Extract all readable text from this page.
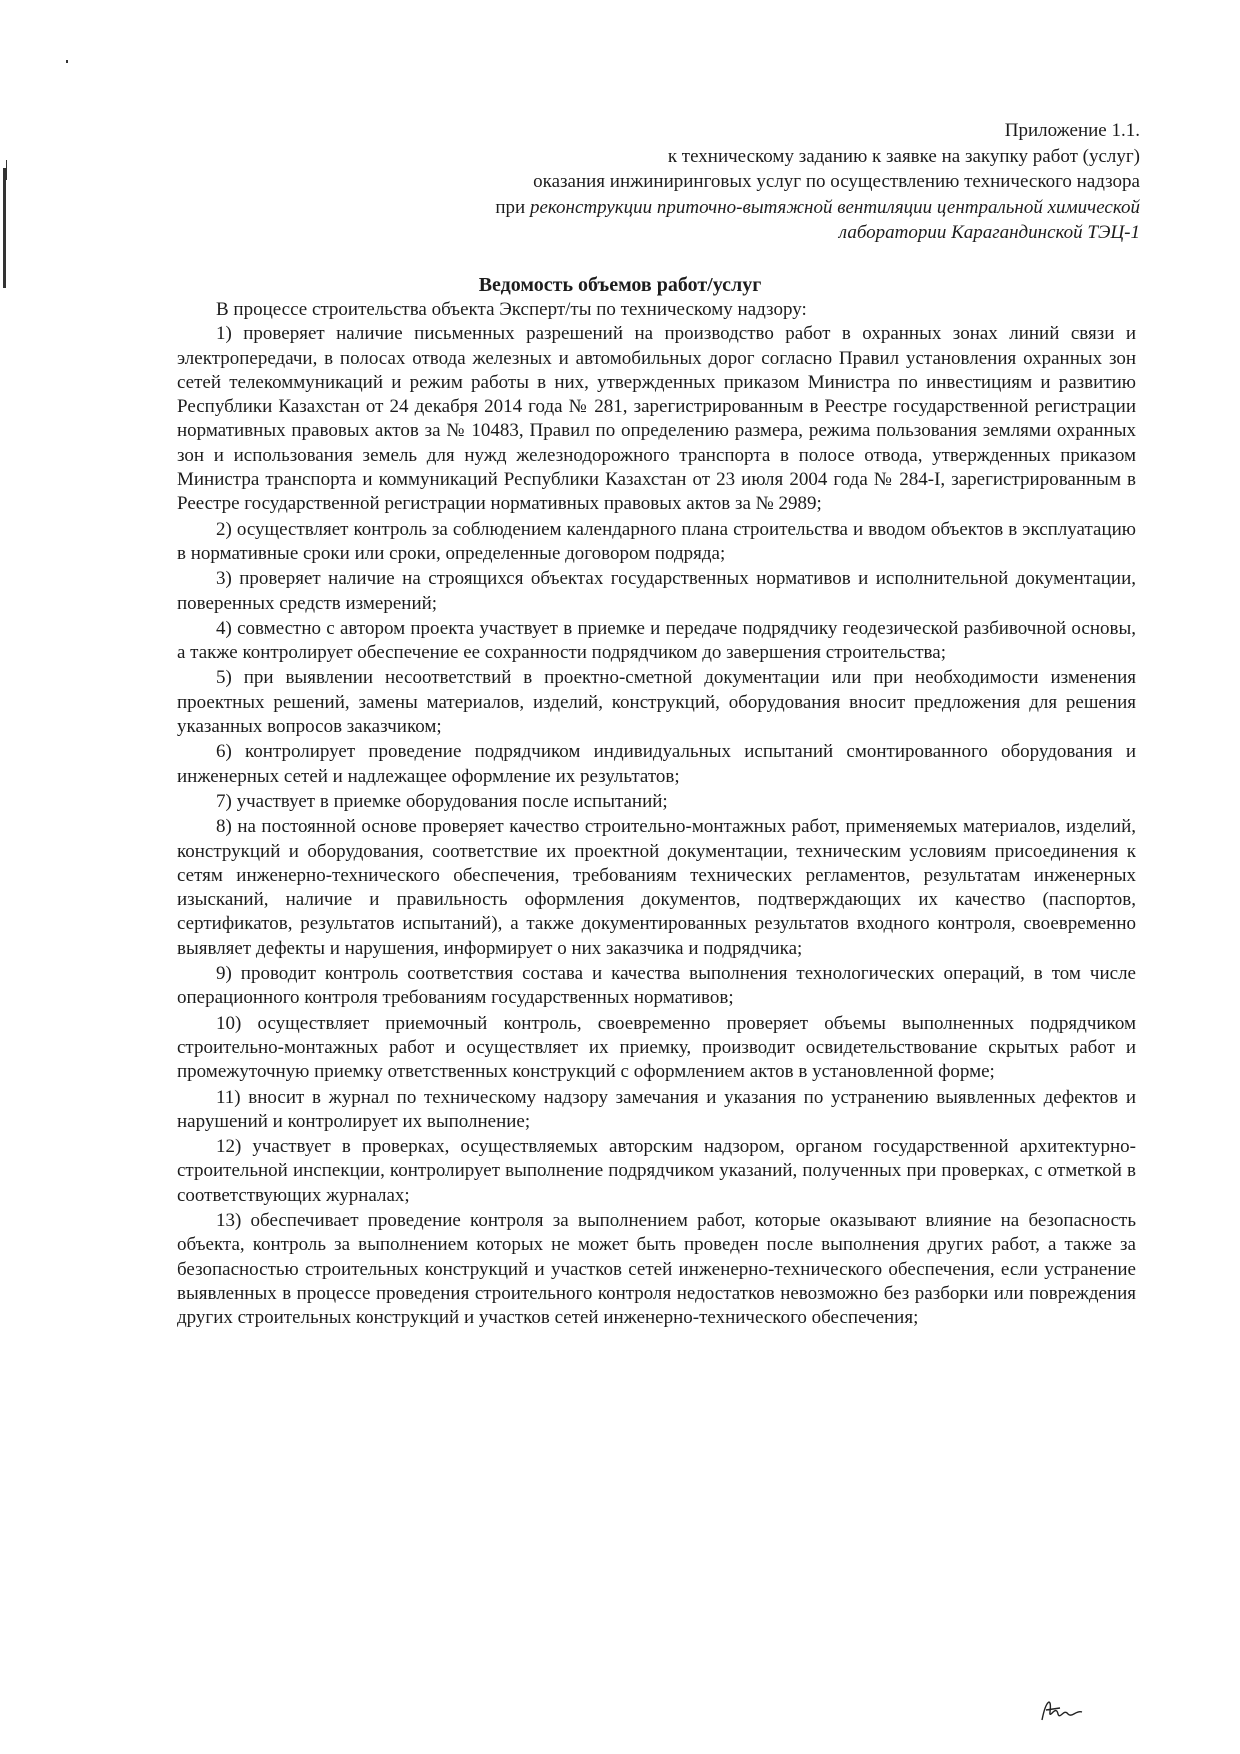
Приложение 1.1.
к техническому заданию к заявке на закупку работ (услуг)
оказания инжиниринговых услуг по осуществлению технического надзора
при реконструкции приточно-вытяжной вентиляции центральной химической
лаборатории Карагандинской ТЭЦ-1
Ведомость объемов работ/услуг

В процессе строительства объекта Эксперт/ты по техническому надзору:

1) проверяет наличие письменных разрешений на производство работ в охранных зонах линий связи и электропередачи, в полосах отвода железных и автомобильных дорог согласно Правил установления охранных зон сетей телекоммуникаций и режим работы в них, утвержденных приказом Министра по инвестициям и развитию Республики Казахстан от 24 декабря 2014 года № 281, зарегистрированным в Реестре государственной регистрации нормативных правовых актов за № 10483, Правил по определению размера, режима пользования землями охранных зон и использования земель для нужд железнодорожного транспорта в полосе отвода, утвержденных приказом Министра транспорта и коммуникаций Республики Казахстан от 23 июля 2004 года № 284-I, зарегистрированным в Реестре государственной регистрации нормативных правовых актов за № 2989;

2) осуществляет контроль за соблюдением календарного плана строительства и вводом объектов в эксплуатацию в нормативные сроки или сроки, определенные договором подряда;

3) проверяет наличие на строящихся объектах государственных нормативов и исполнительной документации, поверенных средств измерений;

4) совместно с автором проекта участвует в приемке и передаче подрядчику геодезической разбивочной основы, а также контролирует обеспечение ее сохранности подрядчиком до завершения строительства;

5) при выявлении несоответствий в проектно-сметной документации или при необходимости изменения проектных решений, замены материалов, изделий, конструкций, оборудования вносит предложения для решения указанных вопросов заказчиком;

6) контролирует проведение подрядчиком индивидуальных испытаний смонтированного оборудования и инженерных сетей и надлежащее оформление их результатов;

7) участвует в приемке оборудования после испытаний;

8) на постоянной основе проверяет качество строительно-монтажных работ, применяемых материалов, изделий, конструкций и оборудования, соответствие их проектной документации, техническим условиям присоединения к сетям инженерно-технического обеспечения, требованиям технических регламентов, результатам инженерных изысканий, наличие и правильность оформления документов, подтверждающих их качество (паспортов, сертификатов, результатов испытаний), а также документированных результатов входного контроля, своевременно выявляет дефекты и нарушения, информирует о них заказчика и подрядчика;

9) проводит контроль соответствия состава и качества выполнения технологических операций, в том числе операционного контроля требованиям государственных нормативов;

10) осуществляет приемочный контроль, своевременно проверяет объемы выполненных подрядчиком строительно-монтажных работ и осуществляет их приемку, производит освидетельствование скрытых работ и промежуточную приемку ответственных конструкций с оформлением актов в установленной форме;

11) вносит в журнал по техническому надзору замечания и указания по устранению выявленных дефектов и нарушений и контролирует их выполнение;

12) участвует в проверках, осуществляемых авторским надзором, органом государственной архитектурно-строительной инспекции, контролирует выполнение подрядчиком указаний, полученных при проверках, с отметкой в соответствующих журналах;

13) обеспечивает проведение контроля за выполнением работ, которые оказывают влияние на безопасность объекта, контроль за выполнением которых не может быть проведен после выполнения других работ, а также за безопасностью строительных конструкций и участков сетей инженерно-технического обеспечения, если устранение выявленных в процессе проведения строительного контроля недостатков невозможно без разборки или повреждения других строительных конструкций и участков сетей инженерно-технического обеспечения;
